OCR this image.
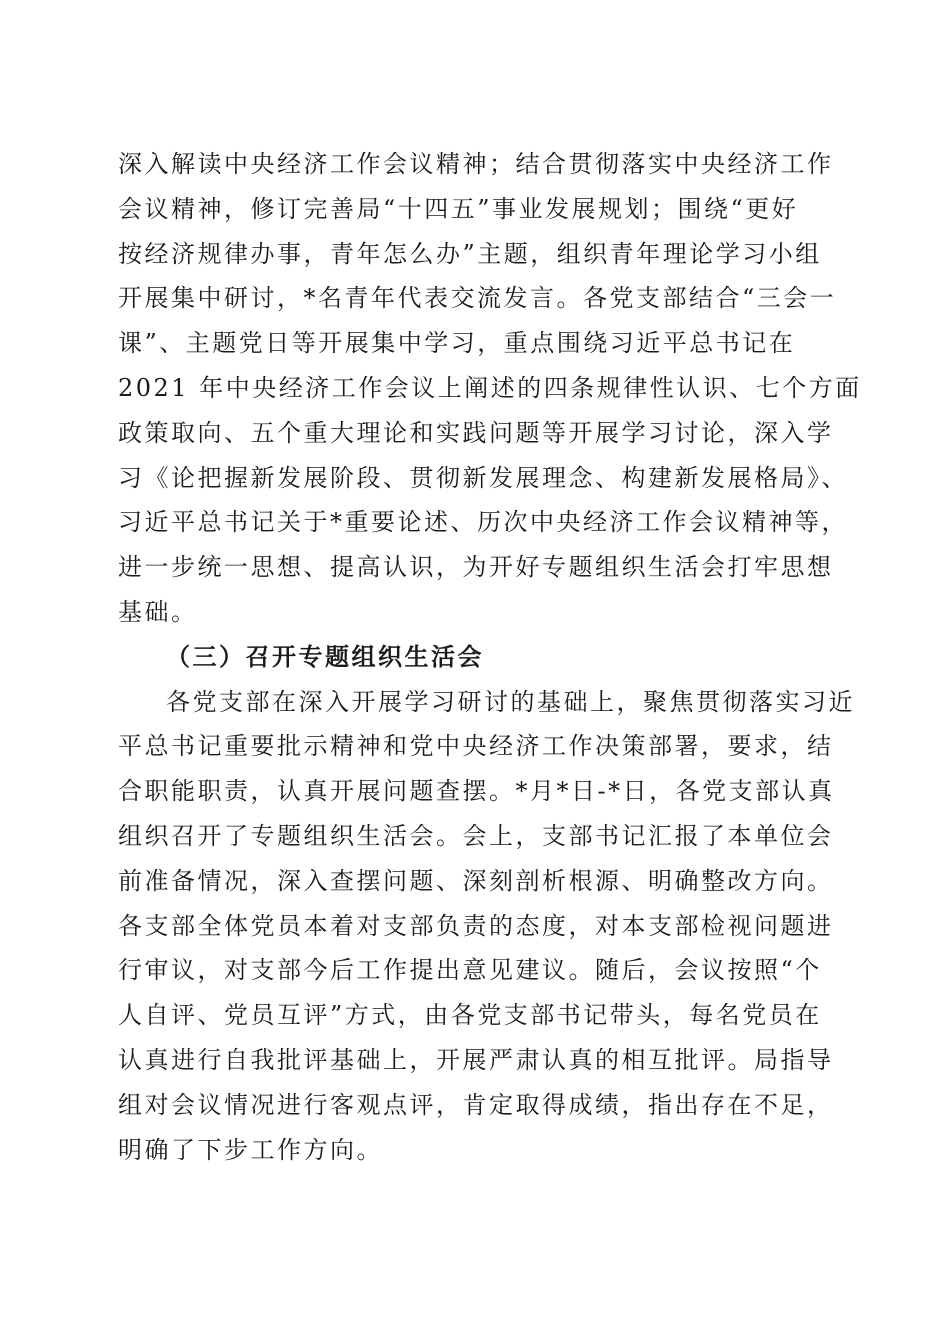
深入解读中央经济工作会议精神；结合贯彻落实中央经济工作
会议精神，修订完善局“十四五”事业发展规划；围绕“更好
按经济规律办事，青年怎么办”主题，组织青年理论学习小组
开展集中研讨，*名青年代表交流发言。各党支部结合“三会一
课”、主题党日等开展集中学习，重点围绕习近平总书记在
2021 年中央经济工作会议上阐述的四条规律性认识、七个方面
政策取向、五个重大理论和实践问题等开展学习讨论，深入学
习《论把握新发展阶段、贯彻新发展理念、构建新发展格局》、
习近平总书记关于*重要论述、历次中央经济工作会议精神等，
进一步统一思想、提高认识，为开好专题组织生活会打牢思想
基础。
（三）召开专题组织生活会
各党支部在深入开展学习研讨的基础上，聚焦贯彻落实习近
平总书记重要批示精神和党中央经济工作决策部署，要求，结
合职能职责，认真开展问题查摆。*月*日-*日，各党支部认真
组织召开了专题组织生活会。会上，支部书记汇报了本单位会
前准备情况，深入查摆问题、深刻剖析根源、明确整改方向。
各支部全体党员本着对支部负责的态度，对本支部检视问题进
行审议，对支部今后工作提出意见建议。随后，会议按照“个
人自评、党员互评”方式，由各党支部书记带头，每名党员在
认真进行自我批评基础上，开展严肃认真的相互批评。局指导
组对会议情况进行客观点评，肯定取得成绩，指出存在不足，
明确了下步工作方向。
